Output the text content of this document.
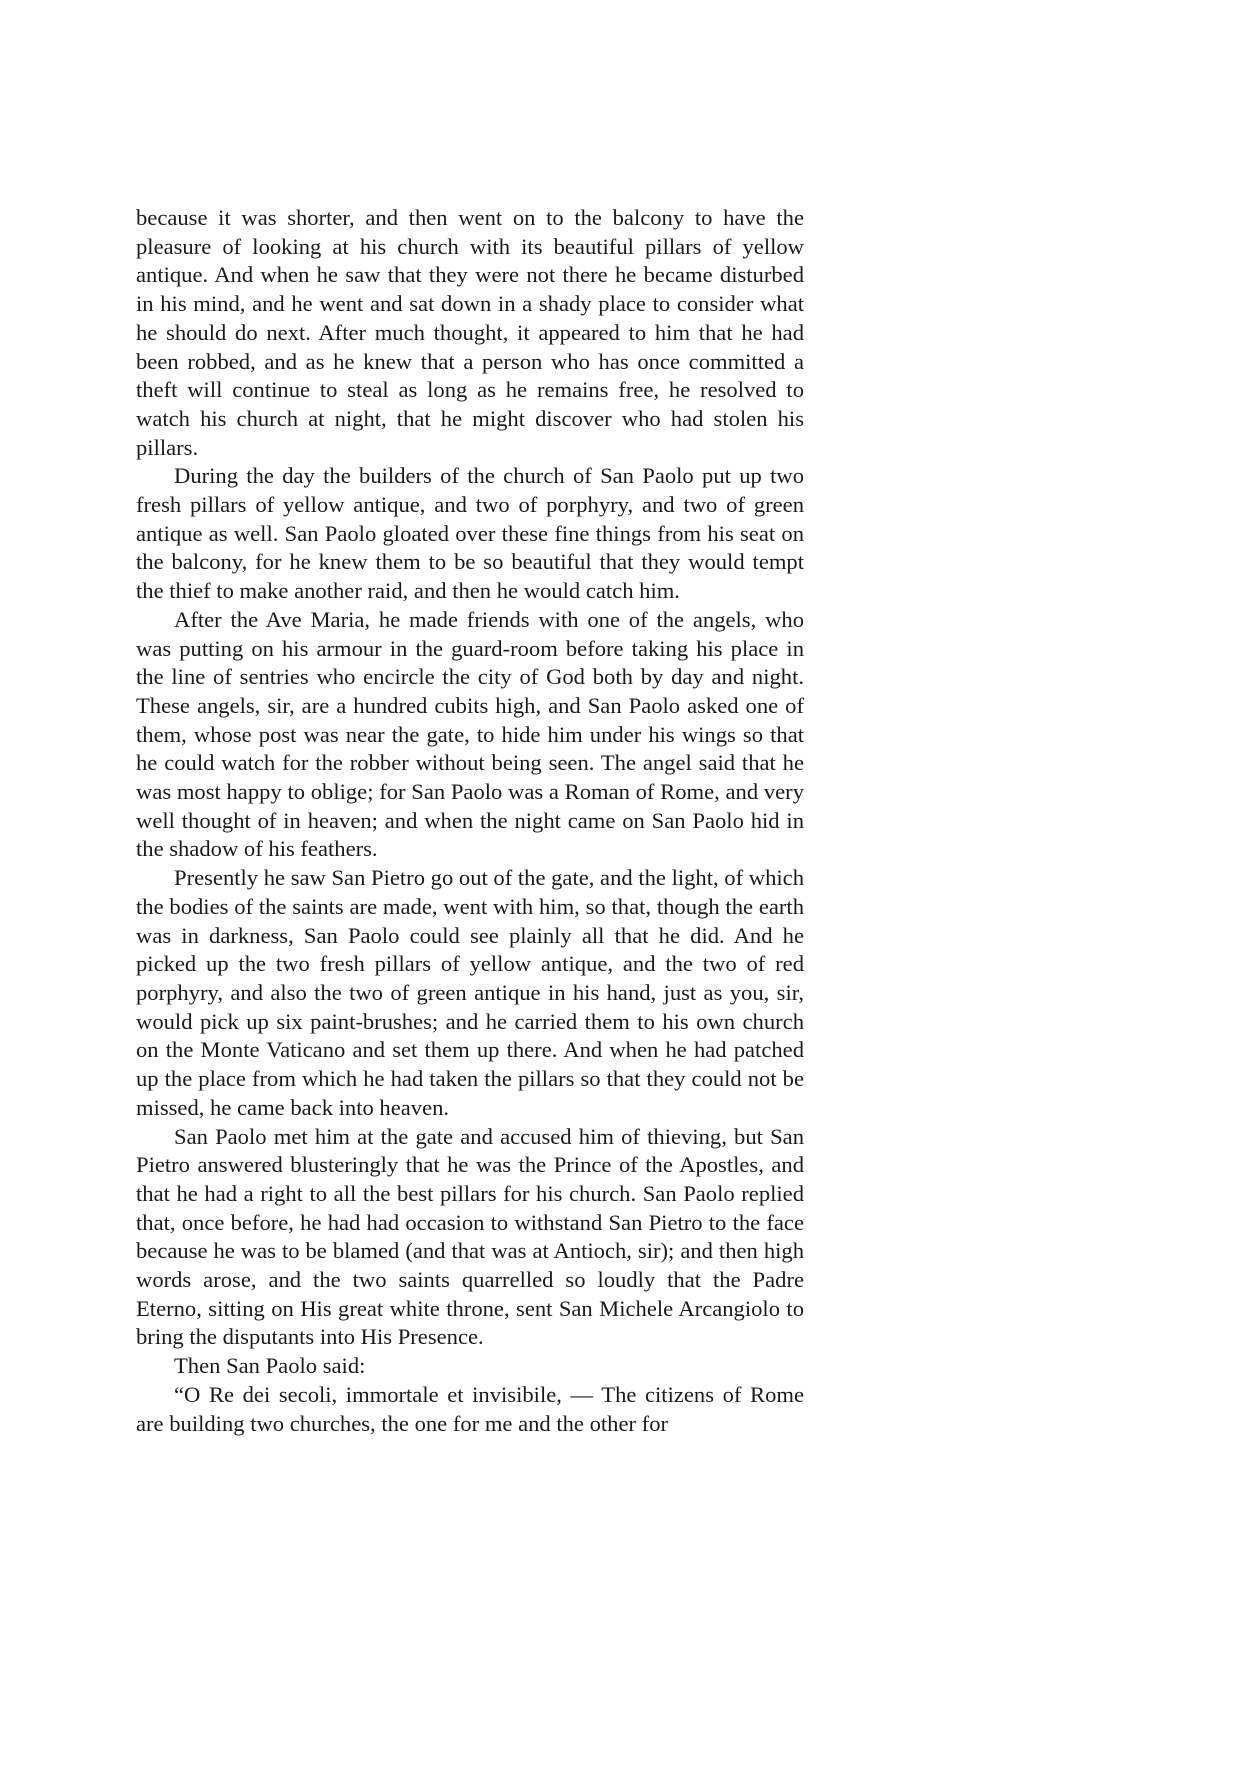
because it was shorter, and then went on to the balcony to have the pleasure of looking at his church with its beautiful pillars of yellow antique. And when he saw that they were not there he became disturbed in his mind, and he went and sat down in a shady place to consider what he should do next. After much thought, it appeared to him that he had been robbed, and as he knew that a person who has once committed a theft will continue to steal as long as he remains free, he resolved to watch his church at night, that he might discover who had stolen his pillars.

During the day the builders of the church of San Paolo put up two fresh pillars of yellow antique, and two of porphyry, and two of green antique as well. San Paolo gloated over these fine things from his seat on the balcony, for he knew them to be so beautiful that they would tempt the thief to make another raid, and then he would catch him.

After the Ave Maria, he made friends with one of the angels, who was putting on his armour in the guard-room before taking his place in the line of sentries who encircle the city of God both by day and night. These angels, sir, are a hundred cubits high, and San Paolo asked one of them, whose post was near the gate, to hide him under his wings so that he could watch for the robber without being seen. The angel said that he was most happy to oblige; for San Paolo was a Roman of Rome, and very well thought of in heaven; and when the night came on San Paolo hid in the shadow of his feathers.

Presently he saw San Pietro go out of the gate, and the light, of which the bodies of the saints are made, went with him, so that, though the earth was in darkness, San Paolo could see plainly all that he did. And he picked up the two fresh pillars of yellow antique, and the two of red porphyry, and also the two of green antique in his hand, just as you, sir, would pick up six paint-brushes; and he carried them to his own church on the Monte Vaticano and set them up there. And when he had patched up the place from which he had taken the pillars so that they could not be missed, he came back into heaven.

San Paolo met him at the gate and accused him of thieving, but San Pietro answered blusteringly that he was the Prince of the Apostles, and that he had a right to all the best pillars for his church. San Paolo replied that, once before, he had had occasion to withstand San Pietro to the face because he was to be blamed (and that was at Antioch, sir); and then high words arose, and the two saints quarrelled so loudly that the Padre Eterno, sitting on His great white throne, sent San Michele Arcangiolo to bring the disputants into His Presence.

Then San Paolo said:

“O Re dei secoli, immortale et invisibile, — The citizens of Rome are building two churches, the one for me and the other for
